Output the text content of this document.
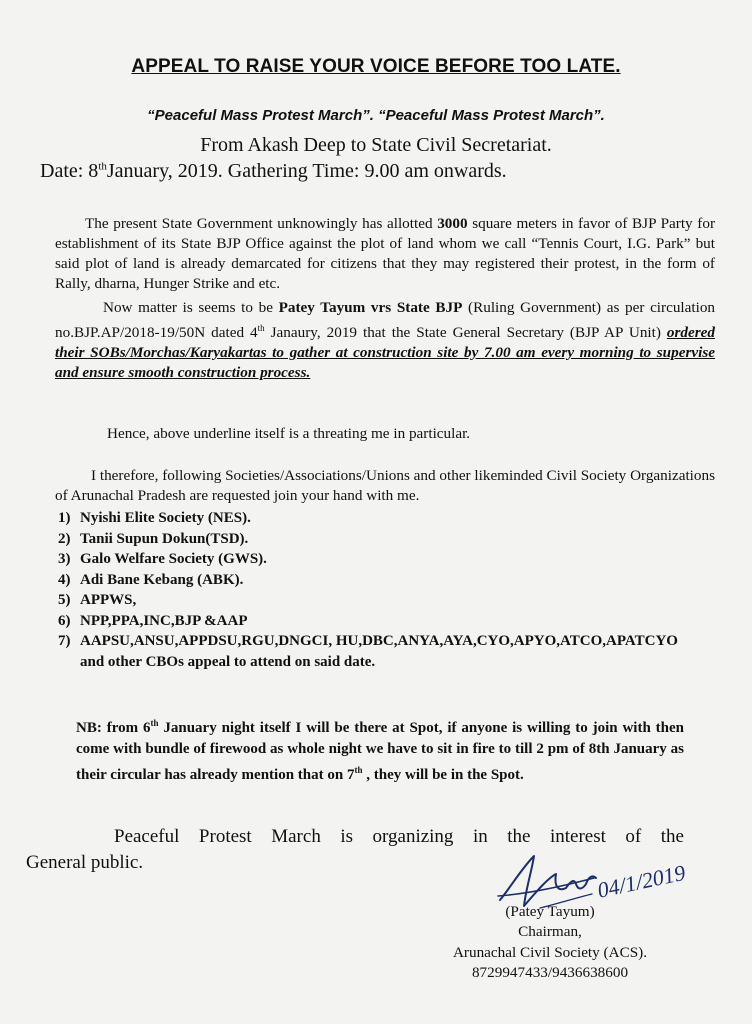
APPEAL TO RAISE YOUR VOICE BEFORE TOO LATE.
“Peaceful Mass Protest March”. “Peaceful Mass Protest March”.
From Akash Deep to State Civil Secretariat.
Date: 8thJanuary, 2019. Gathering Time: 9.00 am onwards.
The present State Government unknowingly has allotted 3000 square meters in favor of BJP Party for establishment of its State BJP Office against the plot of land whom we call “Tennis Court, I.G. Park” but said plot of land is already demarcated for citizens that they may registered their protest, in the form of Rally, dharna, Hunger Strike and etc.
Now matter is seems to be Patey Tayum vrs State BJP (Ruling Government) as per circulation no.BJP.AP/2018-19/50N dated 4th Janaury, 2019 that the State General Secretary (BJP AP Unit) ordered their SOBs/Morchas/Karyakartas to gather at construction site by 7.00 am every morning to supervise and ensure smooth construction process.
Hence, above underline itself is a threating me in particular.
I therefore, following Societies/Associations/Unions and other likeminded Civil Society Organizations of Arunachal Pradesh are requested join your hand with me.
1) Nyishi Elite Society (NES).
2) Tanii Supun Dokun(TSD).
3) Galo Welfare Society (GWS).
4) Adi Bane Kebang (ABK).
5) APPWS,
6) NPP,PPA,INC,BJP &AAP
7) AAPSU,ANSU,APPDSU,RGU,DNGCI, HU,DBC,ANYA,AYA,CYO,APYO,ATCO,APATCYO and other CBOs appeal to attend on said date.
NB: from 6th January night itself I will be there at Spot, if anyone is willing to join with then come with bundle of firewood as whole night we have to sit in fire to till 2 pm of 8th January as their circular has already mention that on 7th , they will be in the Spot.
Peaceful Protest March is organizing in the interest of the
General public.	04/1/2019
(Patey Tayum)
Chairman,
Arunachal Civil Society (ACS).
8729947433/9436638600
